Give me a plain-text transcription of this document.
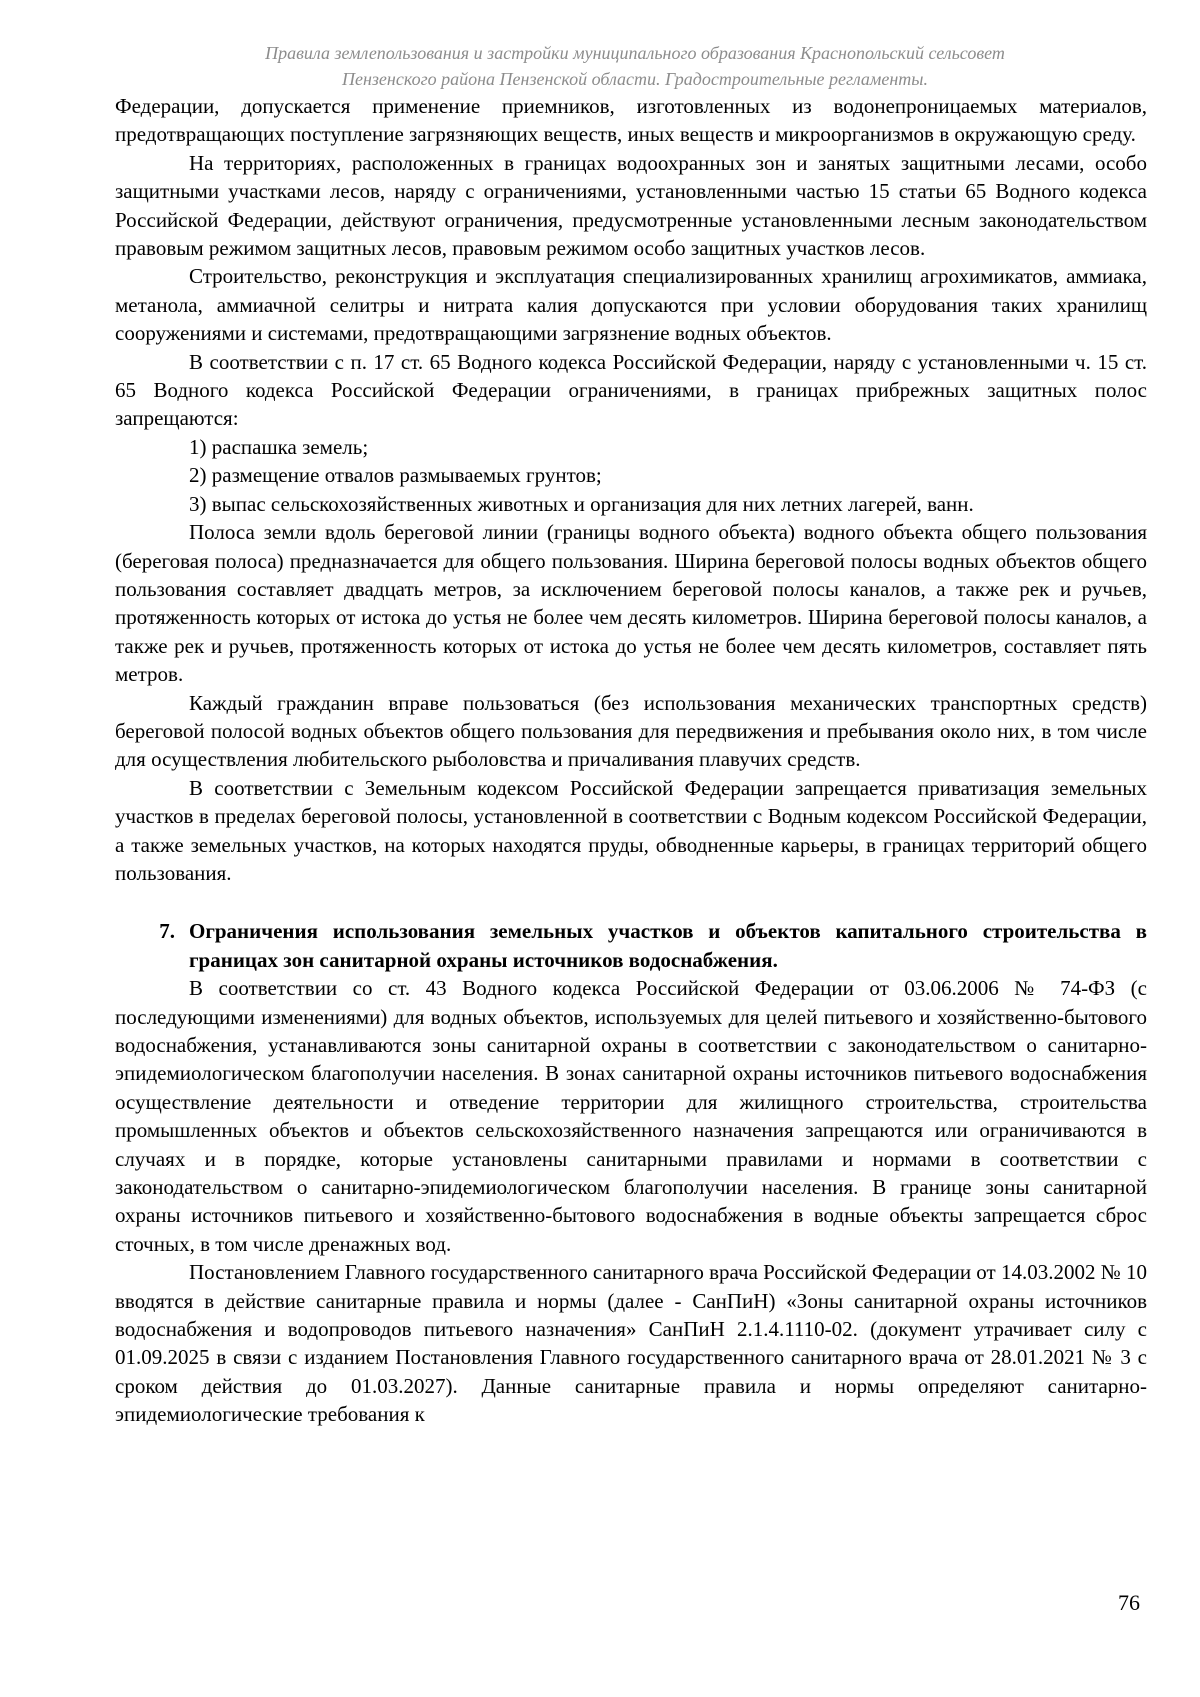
Правила землепользования и застройки муниципального образования Краснопольский сельсовет
Пензенского района Пензенской области. Градостроительные регламенты.

Федерации, допускается применение приемников, изготовленных из водонепроницаемых материалов, предотвращающих поступление загрязняющих веществ, иных веществ и микроорганизмов в окружающую среду.

На территориях, расположенных в границах водоохранных зон и занятых защитными лесами, особо защитными участками лесов, наряду с ограничениями, установленными частью 15 статьи 65 Водного кодекса Российской Федерации, действуют ограничения, предусмотренные установленными лесным законодательством правовым режимом защитных лесов, правовым режимом особо защитных участков лесов.

Строительство, реконструкция и эксплуатация специализированных хранилищ агрохимикатов, аммиака, метанола, аммиачной селитры и нитрата калия допускаются при условии оборудования таких хранилищ сооружениями и системами, предотвращающими загрязнение водных объектов.

В соответствии с п. 17 ст. 65 Водного кодекса Российской Федерации, наряду с установленными ч. 15 ст. 65 Водного кодекса Российской Федерации ограничениями, в границах прибрежных защитных полос запрещаются:

1) распашка земель;

2) размещение отвалов размываемых грунтов;

3) выпас сельскохозяйственных животных и организация для них летних лагерей, ванн.

Полоса земли вдоль береговой линии (границы водного объекта) водного объекта общего пользования (береговая полоса) предназначается для общего пользования. Ширина береговой полосы водных объектов общего пользования составляет двадцать метров, за исключением береговой полосы каналов, а также рек и ручьев, протяженность которых от истока до устья не более чем десять километров. Ширина береговой полосы каналов, а также рек и ручьев, протяженность которых от истока до устья не более чем десять километров, составляет пять метров.

Каждый гражданин вправе пользоваться (без использования механических транспортных средств) береговой полосой водных объектов общего пользования для передвижения и пребывания около них, в том числе для осуществления любительского рыболовства и причаливания плавучих средств.

В соответствии с Земельным кодексом Российской Федерации запрещается приватизация земельных участков в пределах береговой полосы, установленной в соответствии с Водным кодексом Российской Федерации, а также земельных участков, на которых находятся пруды, обводненные карьеры, в границах территорий общего пользования.

7. Ограничения использования земельных участков и объектов капитального строительства в границах зон санитарной охраны источников водоснабжения.

В соответствии со ст. 43 Водного кодекса Российской Федерации от 03.06.2006 № 74-ФЗ (с последующими изменениями) для водных объектов, используемых для целей питьевого и хозяйственно-бытового водоснабжения, устанавливаются зоны санитарной охраны в соответствии с законодательством о санитарно-эпидемиологическом благополучии населения. В зонах санитарной охраны источников питьевого водоснабжения осуществление деятельности и отведение территории для жилищного строительства, строительства промышленных объектов и объектов сельскохозяйственного назначения запрещаются или ограничиваются в случаях и в порядке, которые установлены санитарными правилами и нормами в соответствии с законодательством о санитарно-эпидемиологическом благополучии населения. В границе зоны санитарной охраны источников питьевого и хозяйственно-бытового водоснабжения в водные объекты запрещается сброс сточных, в том числе дренажных вод.

Постановлением Главного государственного санитарного врача Российской Федерации от 14.03.2002 № 10 вводятся в действие санитарные правила и нормы (далее - СанПиН) «Зоны санитарной охраны источников водоснабжения и водопроводов питьевого назначения» СанПиН 2.1.4.1110-02. (документ утрачивает силу с 01.09.2025 в связи с изданием Постановления Главного государственного санитарного врача от 28.01.2021 № 3 с сроком действия до 01.03.2027). Данные санитарные правила и нормы определяют санитарно-эпидемиологические требования к

76
